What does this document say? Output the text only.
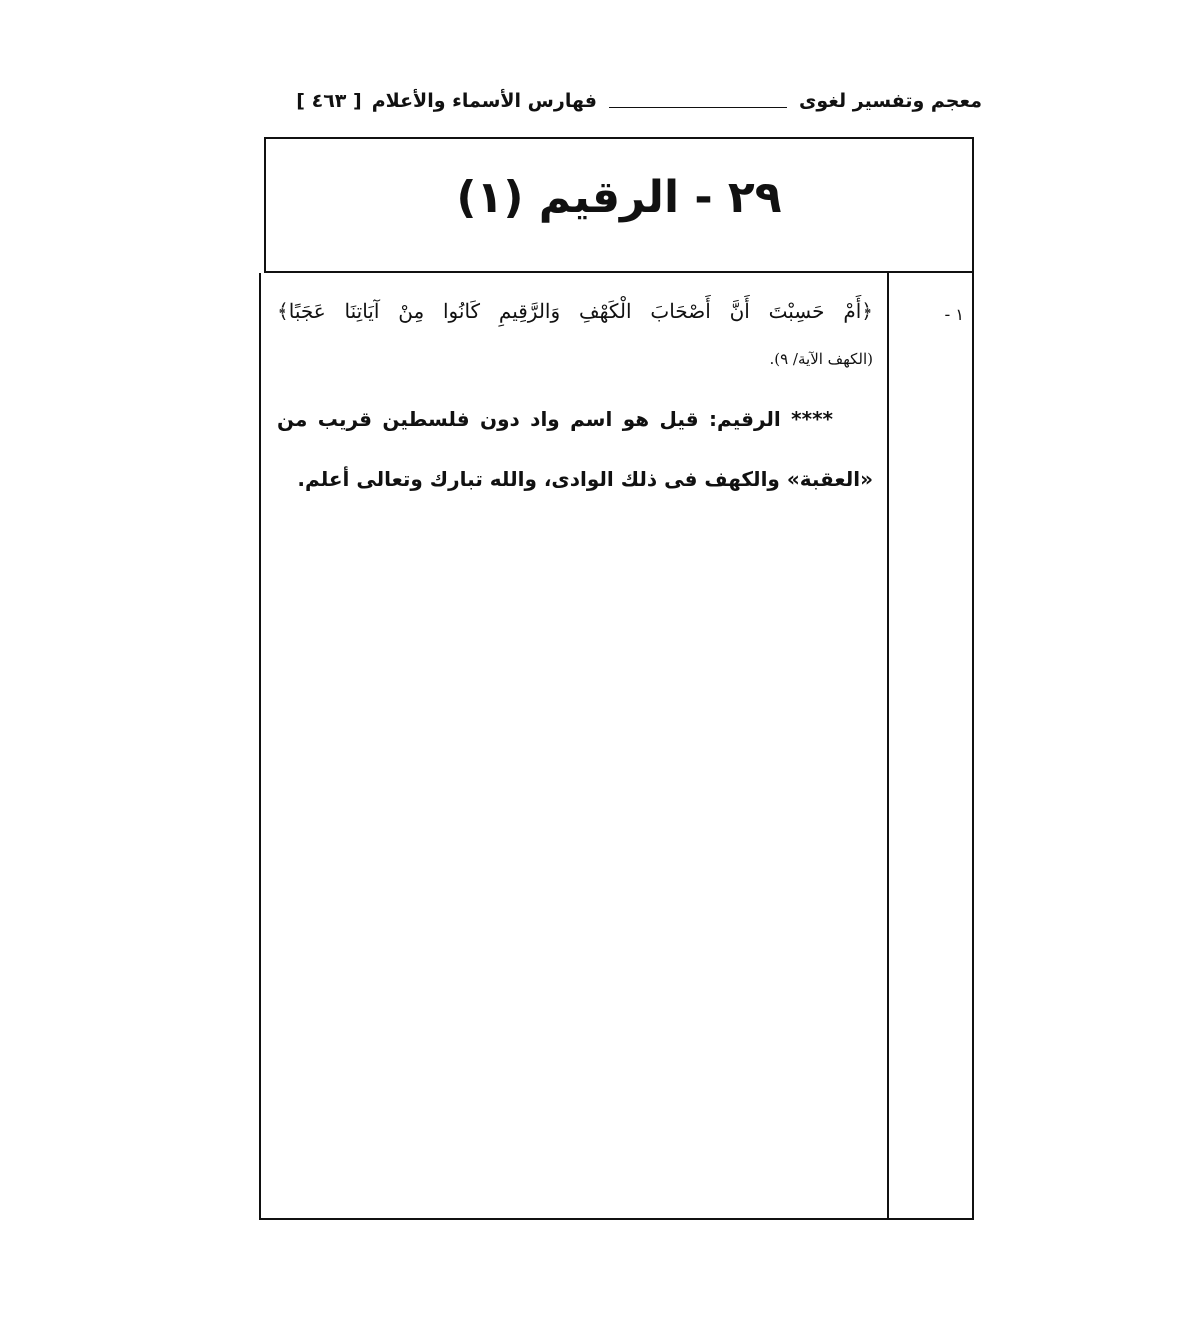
معجم وتفسير لغوى
فهارس الأسماء والأعلام
[ ٤٦٣ ]
٢٩ - الرقيم (١)
١ -
﴿أَمْ حَسِبْتَ أَنَّ أَصْحَابَ الْكَهْفِ وَالرَّقِيمِ كَانُوا مِنْ آيَاتِنَا عَجَبًا﴾
(الكهف الآية/ ٩).
**** الرقيم: قيل هو اسم واد دون فلسطين قريب من «العقبة» والكهف فى ذلك الوادى، والله تبارك وتعالى أعلم.
